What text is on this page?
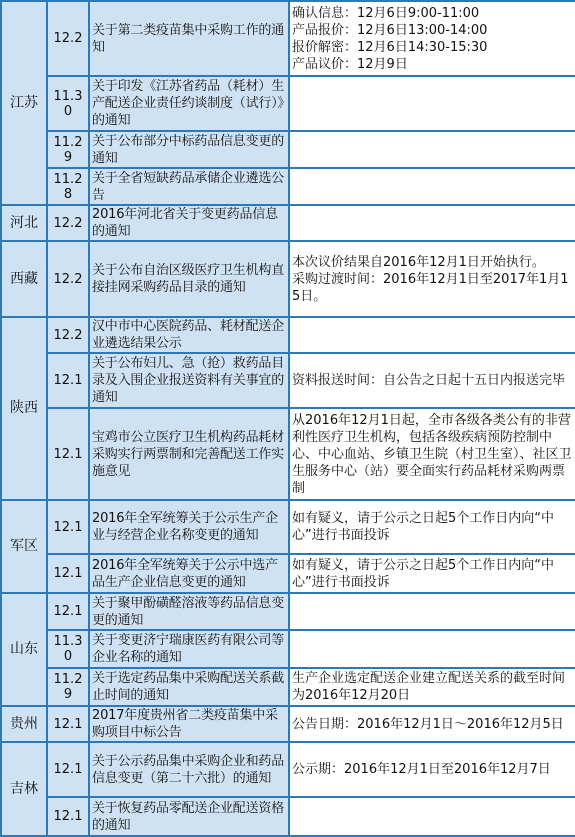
江苏	12.2	关于第二类疫苗集中采购工作的通知	确认信息：12月6日9:00-11:00
产品报价：12月6日13:00-14:00
报价解密：12月6日14:30-15:30
产品议价：12月9日

	11.30	关于印发《江苏省药品（耗材）生产配送企业责任约谈制度（试行）》的通知	
	11.29	关于公布部分中标药品信息变更的通知	
	11.28	关于全省短缺药品承储企业遴选公告	
河北	12.2	2016年河北省关于变更药品信息的通知	
西藏	12.2	关于公布自治区级医疗卫生机构直接挂网采购药品目录的通知	本次议价结果自2016年12月1日开始执行。
采购过渡时间：2016年12月1日至2017年1月15日。

陕西	12.2	汉中市中心医院药品、耗材配送企业遴选结果公示	
	12.1	关于公布妇儿、急（抢）救药品目录及入围企业报送资料有关事宜的通知	资料报送时间：自公告之日起十五日内报送完毕
	12.1	宝鸡市公立医疗卫生机构药品耗材采购实行两票制和完善配送工作实施意见	从2016年12月1日起，全市各级各类公有的非营利性医疗卫生机构，包括各级疾病预防控制中心、中心血站、乡镇卫生院（村卫生室）、社区卫生服务中心（站）要全面实行药品耗材采购两票制
军区	12.1	2016年全军统筹关于公示生产企业与经营企业名称变更的通知	如有疑义，请于公示之日起5个工作日内向“中心”进行书面投诉
	12.1	2016年全军统筹关于公示中选产品生产企业信息变更的通知	如有疑义，请于公示之日起5个工作日内向“中心”进行书面投诉
山东	12.1	关于聚甲酚磺醛溶液等药品信息变更的通知	
	11.30	关于变更济宁瑞康医药有限公司等企业名称的通知	
	11.29	关于选定药品集中采购配送关系截止时间的通知	生产企业选定配送企业建立配送关系的截至时间为2016年12月20日
贵州	12.1	2017年度贵州省二类疫苗集中采购项目中标公告	公告日期：2016年12月1日～2016年12月5日
吉林	12.1	关于公示药品集中采购企业和药品信息变更（第二十六批）的通知	公示期：2016年12月1日至2016年12月7日
	12.1	关于恢复药品零配送企业配送资格的通知	
